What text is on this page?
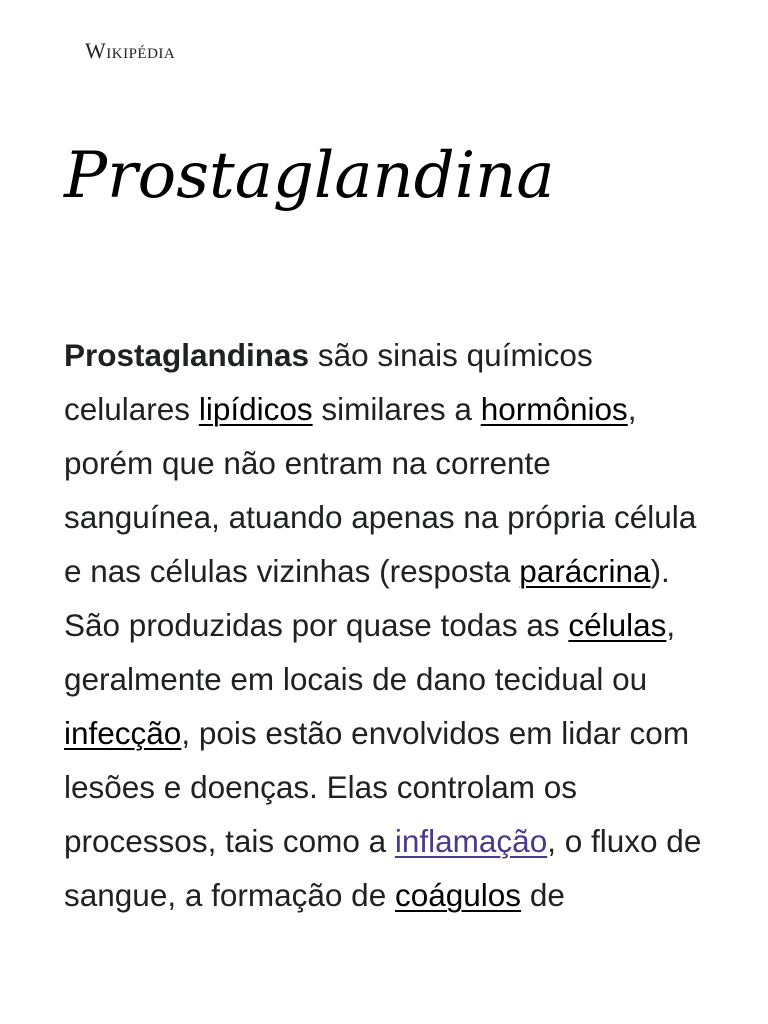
Wikipédia
Prostaglandina

Prostaglandinas são sinais químicos celulares lipídicos similares a hormônios, porém que não entram na corrente sanguínea, atuando apenas na própria célula e nas células vizinhas (resposta parácrina). São produzidas por quase todas as células, geralmente em locais de dano tecidual ou infecção, pois estão envolvidos em lidar com lesões e doenças. Elas controlam os processos, tais como a inflamação, o fluxo de sangue, a formação de coágulos de
